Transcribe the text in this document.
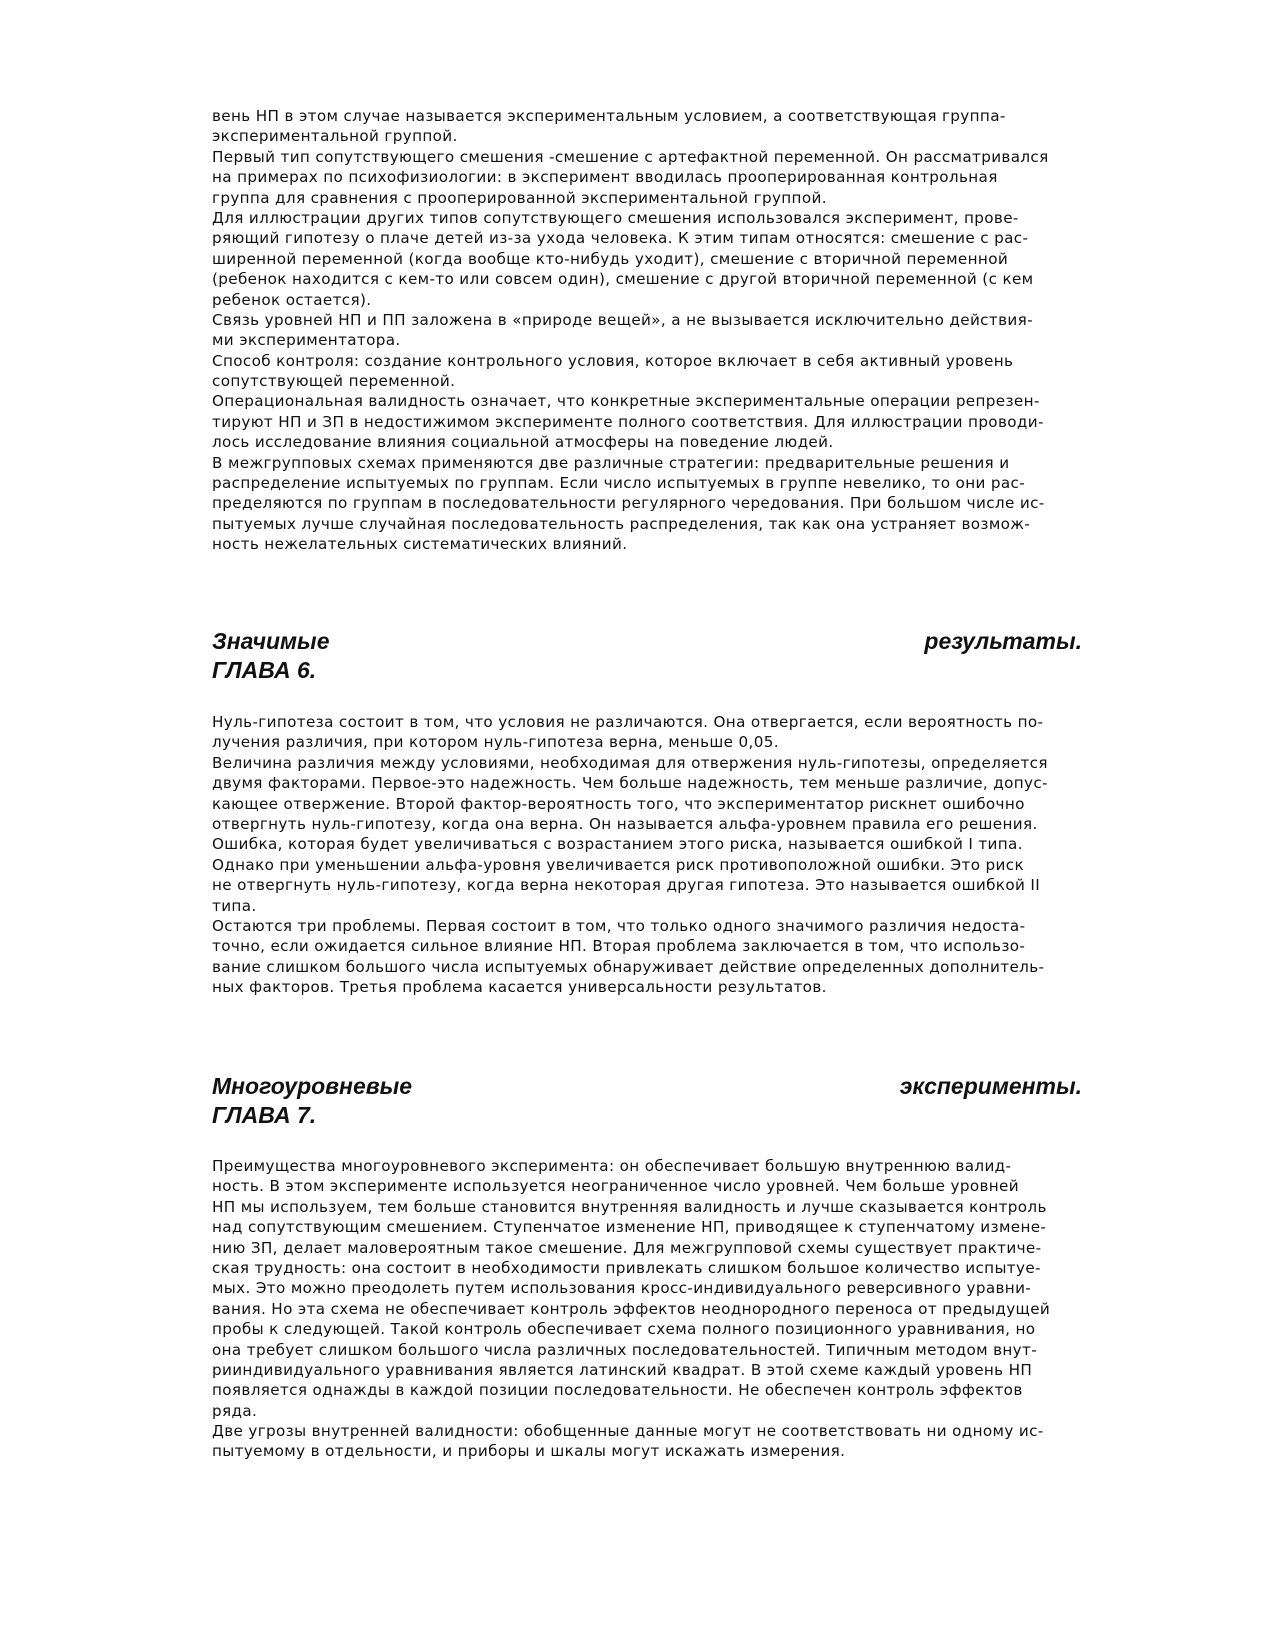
вень НП в этом случае называется экспериментальным условием, а соответствующая группа-
экспериментальной группой.
Первый тип сопутствующего смешения -смешение с артефактной переменной. Он рассматривался
на примерах по психофизиологии: в эксперимент вводилась прооперированная контрольная
группа для сравнения с прооперированной экспериментальной группой.
Для иллюстрации других типов сопутствующего смешения использовался эксперимент, прове-
ряющий гипотезу о плаче детей из-за ухода человека. К этим типам относятся: смешение с рас-
ширенной переменной (когда вообще кто-нибудь уходит), смешение с вторичной переменной
(ребенок находится с кем-то или совсем один), смешение с другой вторичной переменной (с кем
ребенок остается).
Связь уровней НП и ПП заложена в «природе вещей», а не вызывается исключительно действия-
ми экспериментатора.
Способ контроля: создание контрольного условия, которое включает в себя активный уровень
сопутствующей переменной.
Операциональная валидность означает, что конкретные экспериментальные операции репрезен-
тируют НП и ЗП в недостижимом эксперименте полного соответствия. Для иллюстрации проводи-
лось исследование влияния социальной атмосферы на поведение людей.
В межгрупповых схемах применяются две различные стратегии: предварительные решения и
распределение испытуемых по группам. Если число испытуемых в группе невелико, то они рас-
пределяются по группам в последовательности регулярного чередования. При большом числе ис-
пытуемых лучше случайная последовательность распределения, так как она устраняет возмож-
ность нежелательных систематических влияний.
Значимые	результаты.
ГЛАВА 6.
Нуль-гипотеза состоит в том, что условия не различаются. Она отвергается, если вероятность по-
лучения различия, при котором нуль-гипотеза верна, меньше 0,05.
Величина различия между условиями, необходимая для отвержения нуль-гипотезы, определяется
двумя факторами. Первое-это надежность. Чем больше надежность, тем меньше различие, допус-
кающее отвержение. Второй фактор-вероятность того, что экспериментатор рискнет ошибочно
отвергнуть нуль-гипотезу, когда она верна. Он называется альфа-уровнем правила его решения.
Ошибка, которая будет увеличиваться с возрастанием этого риска, называется ошибкой I типа.
Однако при уменьшении альфа-уровня увеличивается риск противоположной ошибки. Это риск
не отвергнуть нуль-гипотезу, когда верна некоторая другая гипотеза. Это называется ошибкой II
типа.
Остаются три проблемы. Первая состоит в том, что только одного значимого различия недоста-
точно, если ожидается сильное влияние НП. Вторая проблема заключается в том, что использо-
вание слишком большого числа испытуемых обнаруживает действие определенных дополнитель-
ных факторов. Третья проблема касается универсальности результатов.
Многоуровневые	эксперименты.
ГЛАВА 7.
Преимущества многоуровневого эксперимента: он обеспечивает большую внутреннюю валид-
ность. В этом эксперименте используется неограниченное число уровней. Чем больше уровней
НП мы используем, тем больше становится внутренняя валидность и лучше сказывается контроль
над сопутствующим смешением. Ступенчатое изменение НП, приводящее к ступенчатому измене-
нию ЗП, делает маловероятным такое смешение. Для межгрупповой схемы существует практиче-
ская трудность: она состоит в необходимости привлекать слишком большое количество испытуе-
мых. Это можно преодолеть путем использования кросс-индивидуального реверсивного уравни-
вания. Но эта схема не обеспечивает контроль эффектов неоднородного переноса от предыдущей
пробы к следующей. Такой контроль обеспечивает схема полного позиционного уравнивания, но
она требует слишком большого числа различных последовательностей. Типичным методом внут-
рииндивидуального уравнивания является латинский квадрат. В этой схеме каждый уровень НП
появляется однажды в каждой позиции последовательности. Не обеспечен контроль эффектов
ряда.
Две угрозы внутренней валидности: обобщенные данные могут не соответствовать ни одному ис-
пытуемому в отдельности, и приборы и шкалы могут искажать измерения.
